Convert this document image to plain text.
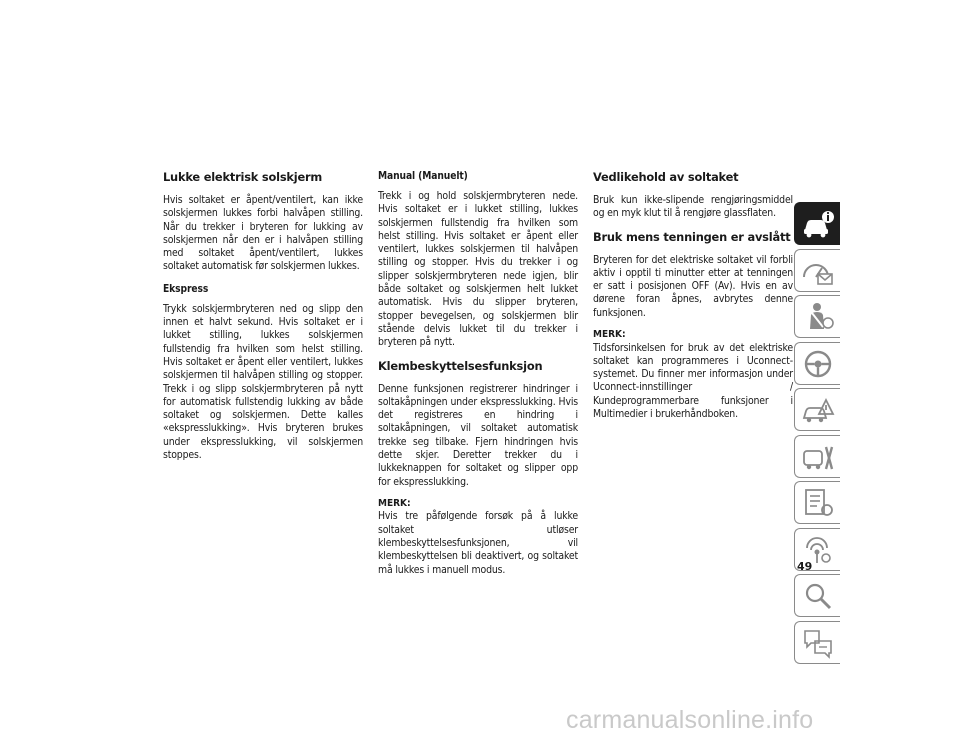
Lukke elektrisk solskjerm

Hvis soltaket er åpent/ventilert, kan ikke solskjermen lukkes forbi halvåpen stilling. Når du trekker i bryteren for lukking av solskjermen når den er i halvåpen stilling med soltaket åpent/ventilert, lukkes soltaket automatisk før solskjermen lukkes.

Ekspress

Trykk solskjermbryteren ned og slipp den innen et halvt sekund. Hvis soltaket er i lukket stilling, lukkes solskjermen fullstendig fra hvilken som helst stilling. Hvis soltaket er åpent eller ventilert, lukkes solskjermen til halvåpen stilling og stopper. Trekk i og slipp solskjermbryteren på nytt for automatisk fullstendig lukking av både soltaket og solskjermen. Dette kalles «ekspresslukking». Hvis bryteren brukes under ekspresslukking, vil solskjermen stoppes.

Manual (Manuelt)

Trekk i og hold solskjermbryteren nede. Hvis soltaket er i lukket stilling, lukkes solskjermen fullstendig fra hvilken som helst stilling. Hvis soltaket er åpent eller ventilert, lukkes solskjermen til halvåpen stilling og stopper. Hvis du trekker i og slipper solskjermbryteren nede igjen, blir både soltaket og solskjermen helt lukket automatisk. Hvis du slipper bryteren, stopper bevegelsen, og solskjermen blir stående delvis lukket til du trekker i bryteren på nytt.

Klembeskyttelsesfunksjon

Denne funksjonen registrerer hindringer i soltakåpningen under ekspresslukking. Hvis det registreres en hindring i soltakåpningen, vil soltaket automatisk trekke seg tilbake. Fjern hindringen hvis dette skjer. Deretter trekker du i lukkeknappen for soltaket og slipper opp for ekspresslukking.

MERK:

Hvis tre påfølgende forsøk på å lukke soltaket utløser klembeskyttelsesfunksjonen, vil klembeskyttelsen bli deaktivert, og soltaket må lukkes i manuell modus.

Vedlikehold av soltaket

Bruk kun ikke-slipende rengjøringsmiddel og en myk klut til å rengjøre glassflaten.

Bruk mens tenningen er avslått

Bryteren for det elektriske soltaket vil forbli aktiv i opptil ti minutter etter at tenningen er satt i posisjonen OFF (Av). Hvis en av dørene foran åpnes, avbrytes denne funksjonen.

MERK:

Tidsforsinkelsen for bruk av det elektriske soltaket kan programmeres i Uconnect-systemet. Du finner mer informasjon under Uconnect-innstillinger / Kundeprogrammerbare funksjoner i Multimedier i brukerhåndboken.

49
carmanualsonline.info
